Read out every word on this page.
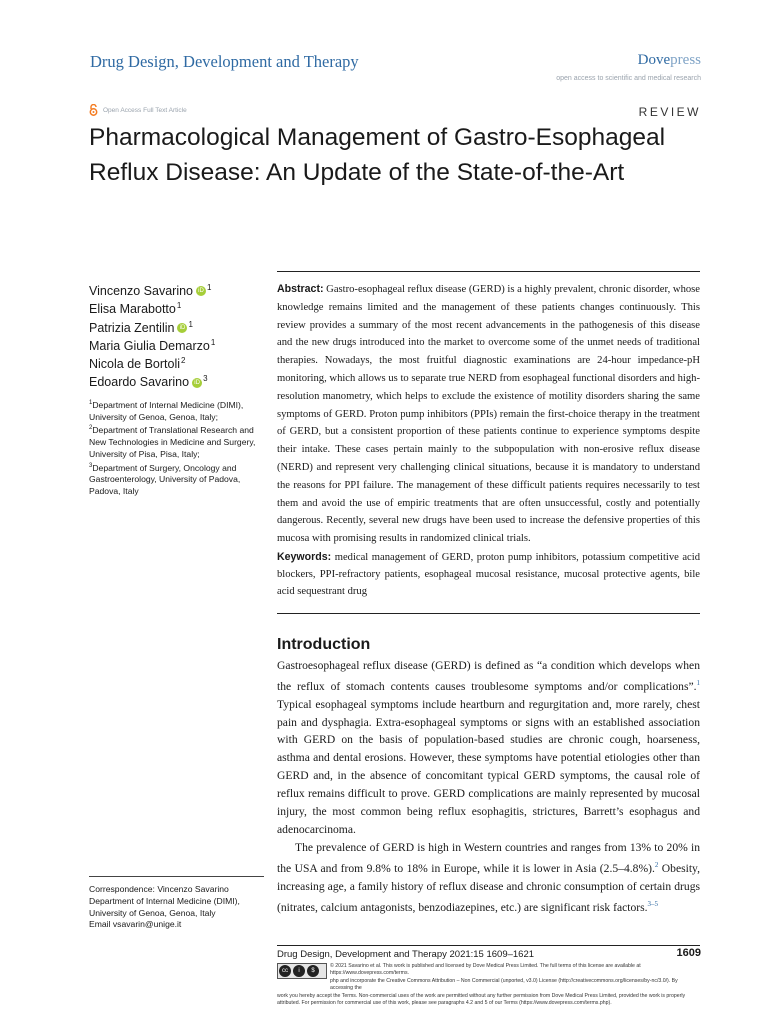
Drug Design, Development and Therapy	Dovepress
open access to scientific and medical research
Open Access Full Text Article	REVIEW
Pharmacological Management of Gastro-Esophageal Reflux Disease: An Update of the State-of-the-Art
Vincenzo Savarino iD $^1$
Elisa Marabotto$^1$
Patrizia Zentilin iD $^1$
Maria Giulia Demarzo$^1$
Nicola de Bortoli$^2$
Edoardo Savarino iD $^3$
$^1$Department of Internal Medicine (DIMI), University of Genoa, Genoa, Italy;
$^2$Department of Translational Research and New Technologies in Medicine and Surgery, University of Pisa, Pisa, Italy;
$^3$Department of Surgery, Oncology and Gastroenterology, University of Padova, Padova, Italy
Correspondence: Vincenzo Savarino
Department of Internal Medicine (DIMI),
University of Genoa, Genoa, Italy
Email vsavarin@unige.it

Abstract: Gastro-esophageal reflux disease (GERD) is a highly prevalent, chronic disorder, whose knowledge remains limited and the management of these patients changes continuously. This review provides a summary of the most recent advancements in the pathogenesis of this disease and the new drugs introduced into the market to overcome some of the unmet needs of traditional therapies. Nowadays, the most fruitful diagnostic examinations are 24-hour impedance-pH monitoring, which allows us to separate true NERD from esophageal functional disorders and high-resolution manometry, which helps to exclude the existence of motility disorders sharing the same symptoms of GERD. Proton pump inhibitors (PPIs) remain the first-choice therapy in the treatment of GERD, but a consistent proportion of these patients continue to experience symptoms despite their intake. These cases pertain mainly to the subpopulation with non-erosive reflux disease (NERD) and represent very challenging clinical situations, because it is mandatory to understand the reasons for PPI failure. The management of these difficult patients requires necessarily to test them and avoid the use of empiric treatments that are often unsuccessful, costly and potentially dangerous. Recently, several new drugs have been used to increase the defensive properties of this mucosa with promising results in randomized clinical trials.

Keywords: medical management of GERD, proton pump inhibitors, potassium competitive acid blockers, PPI-refractory patients, esophageal mucosal resistance, mucosal protective agents, bile acid sequestrant drug

Introduction

Gastroesophageal reflux disease (GERD) is defined as “a condition which develops when the reflux of stomach contents causes troublesome symptoms and/or complications”.$^1$ Typical esophageal symptoms include heartburn and regurgitation and, more rarely, chest pain and dysphagia. Extra-esophageal symptoms or signs with an established association with GERD on the basis of population-based studies are chronic cough, hoarseness, asthma and dental erosions. However, these symptoms have potential etiologies other than GERD and, in the absence of concomitant typical GERD symptoms, the causal role of reflux remains difficult to prove. GERD complications are mainly represented by mucosal injury, the most common being reflux esophagitis, strictures, Barrett’s esophagus and adenocarcinoma.

The prevalence of GERD is high in Western countries and ranges from 13% to 20% in the USA and from 9.8% to 18% in Europe, while it is lower in Asia (2.5–4.8%).$^2$ Obesity, increasing age, a family history of reflux disease and chronic consumption of certain drugs (nitrates, calcium antagonists, benzodiazepines, etc.) are significant risk factors.$^{3-5}$

Drug Design, Development and Therapy 2021:15 1609–1621	1609
cc	i	$
© 2021 Savarino et al. This work is published and licensed by Dove Medical Press Limited. The full terms of this license are available at https://www.dovepress.com/terms.
php and incorporate the Creative Commons Attribution – Non Commercial (unported, v3.0) License (http://creativecommons.org/licenses/by-nc/3.0/). By accessing the
work you hereby accept the Terms. Non-commercial uses of the work are permitted without any further permission from Dove Medical Press Limited, provided the work is properly attributed. For permission for commercial use of this work, please see paragraphs 4.2 and 5 of our Terms (https://www.dovepress.com/terms.php).
